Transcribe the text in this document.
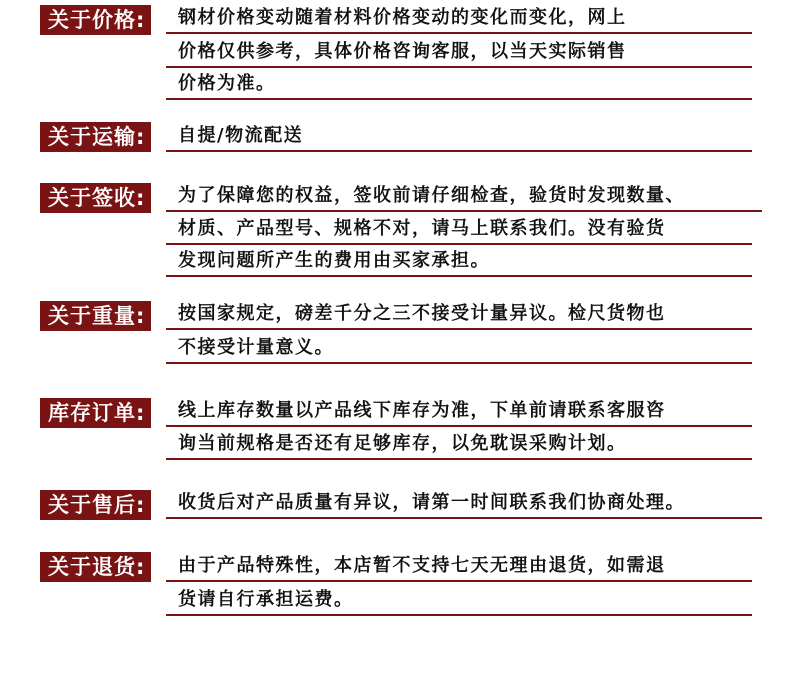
关于价格:	钢材价格变动随着材料价格变动的变化而变化，网上
价格仅供参考，具体价格咨询客服，以当天实际销售
价格为准。
关于运输:	自提/物流配送
关于签收:	为了保障您的权益，签收前请仔细检查，验货时发现数量、
材质、产品型号、规格不对，请马上联系我们。没有验货
发现问题所产生的费用由买家承担。
关于重量:	按国家规定，磅差千分之三不接受计量异议。检尺货物也
不接受计量意义。
库存订单:	线上库存数量以产品线下库存为准，下单前请联系客服咨
询当前规格是否还有足够库存，以免耽误采购计划。
关于售后:	收货后对产品质量有异议，请第一时间联系我们协商处理。
关于退货:	由于产品特殊性，本店暂不支持七天无理由退货，如需退
货请自行承担运费。
